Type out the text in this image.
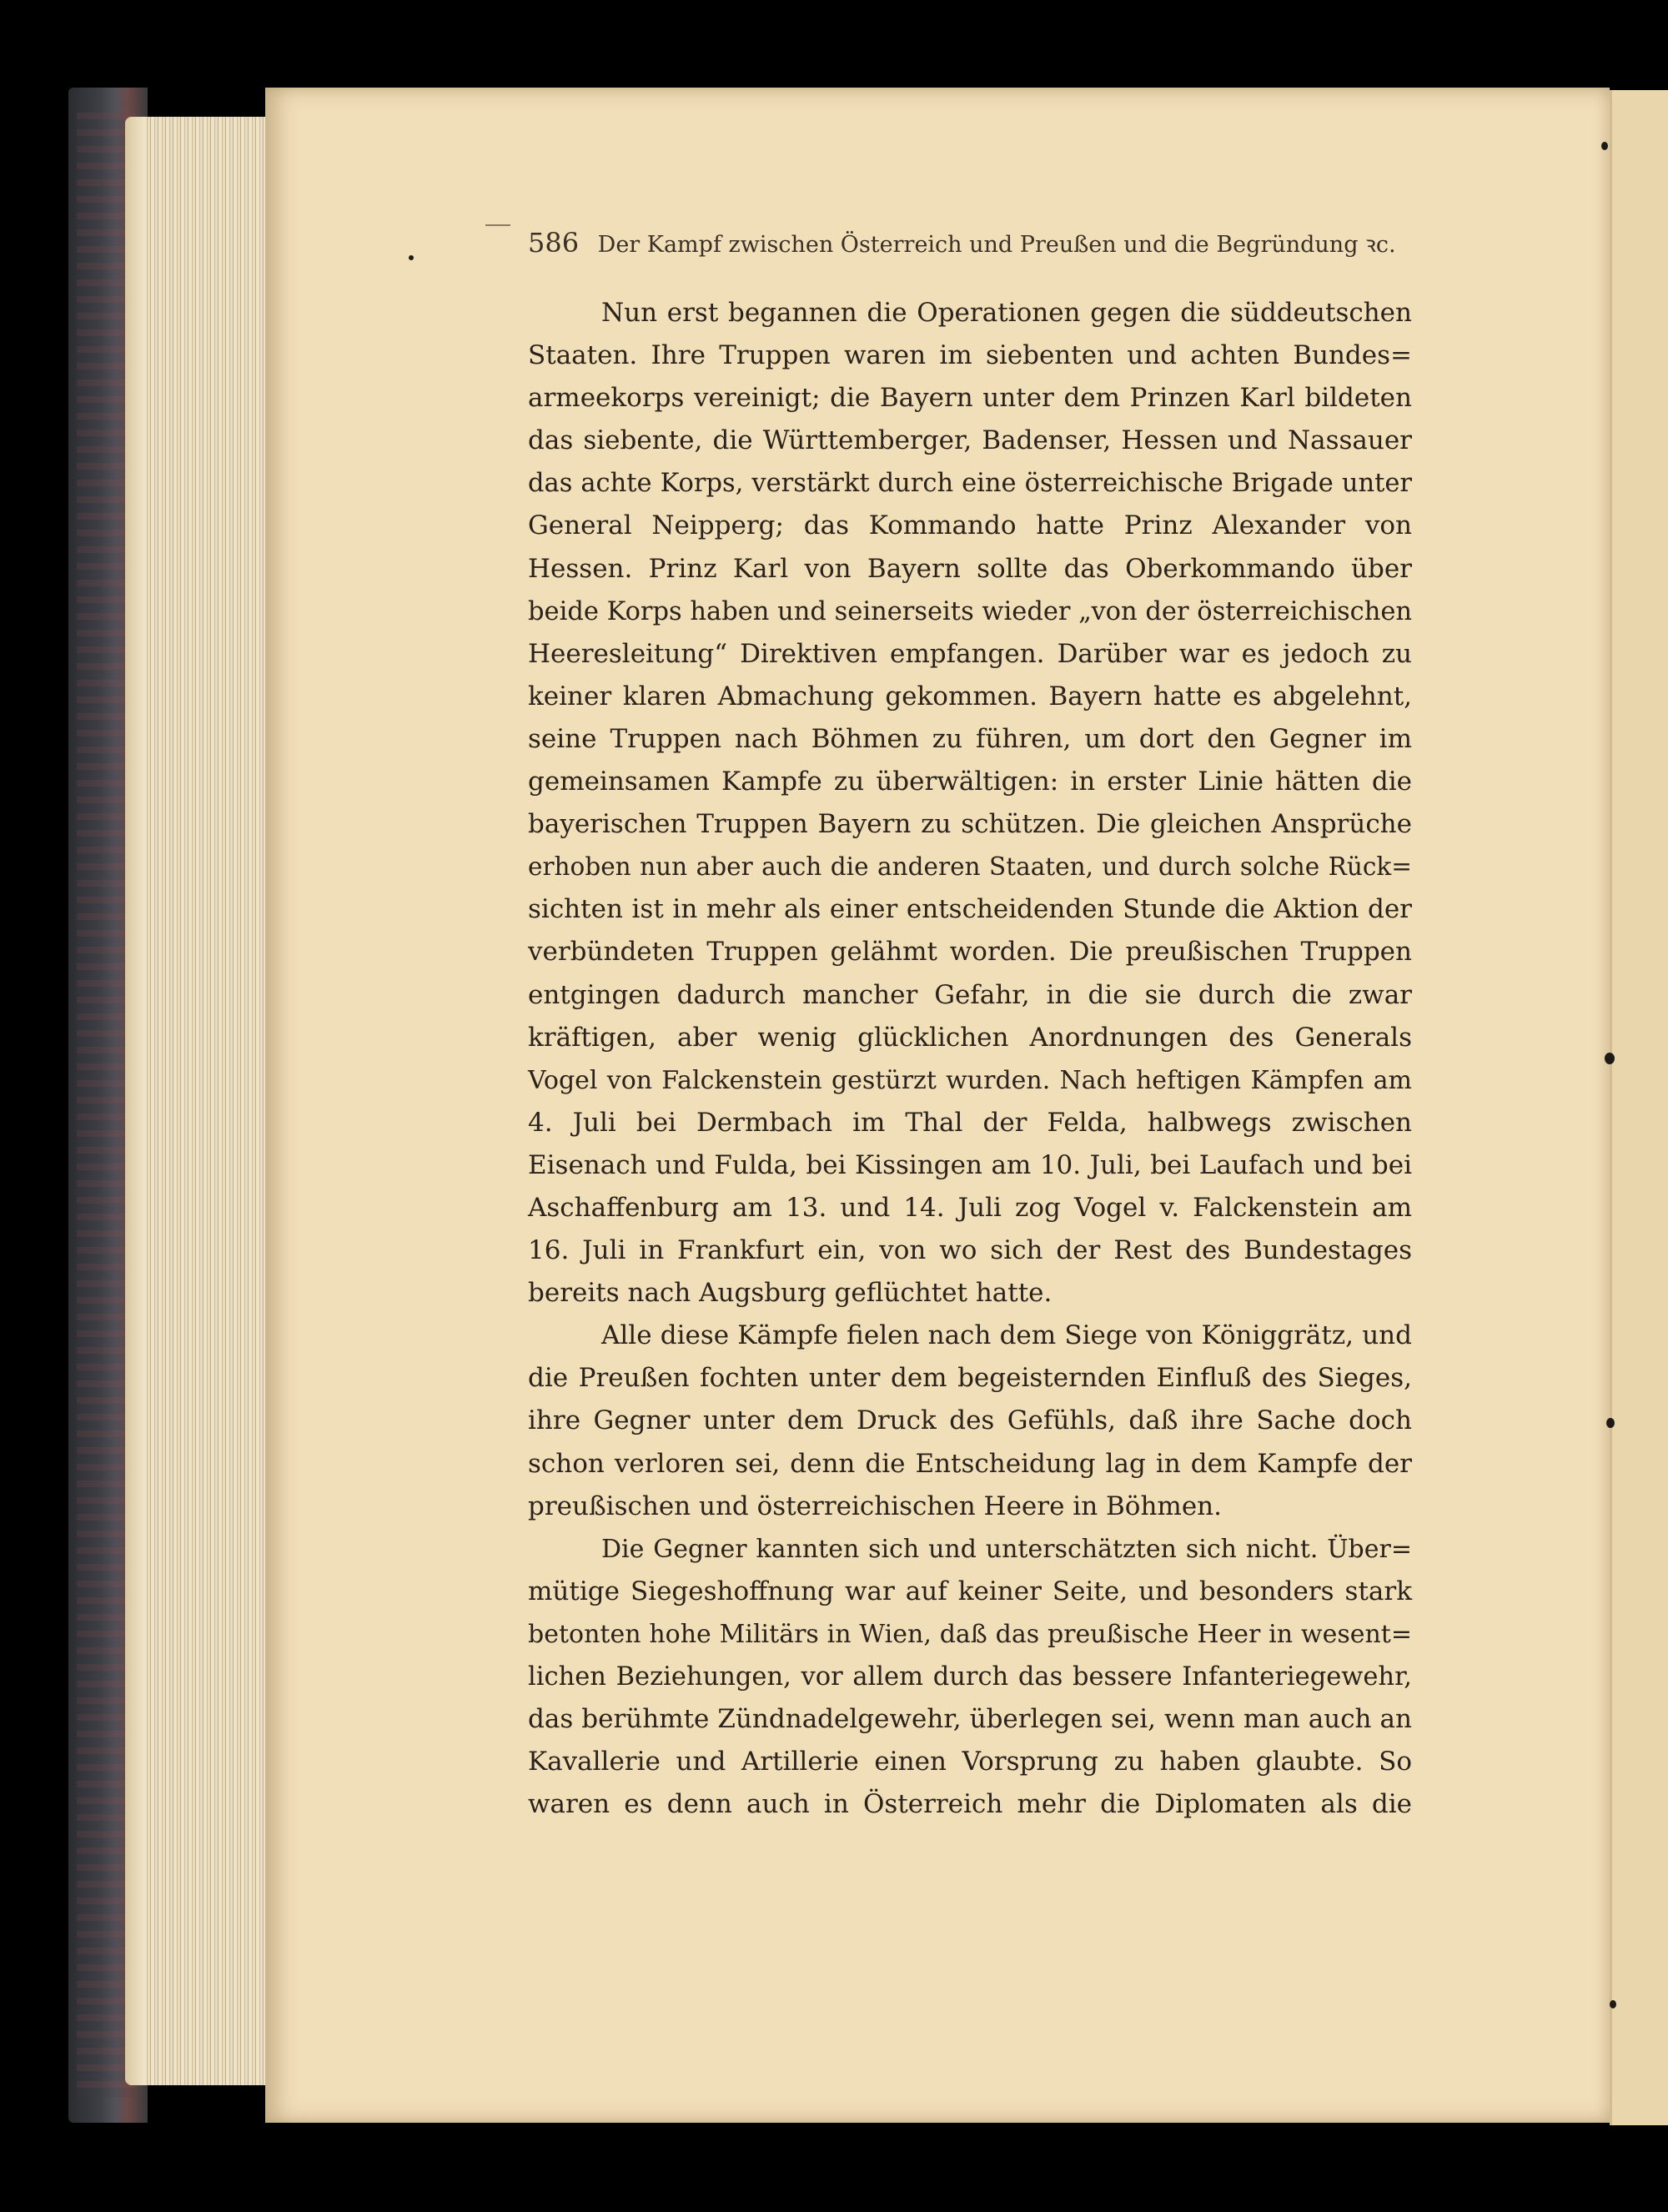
586 Der Kampf zwischen Österreich und Preußen und die Begründung ꝛc.
Nun erst begannen die Operationen gegen die süddeutschen
Staaten. Ihre Truppen waren im siebenten und achten Bundes=
armeekorps vereinigt; die Bayern unter dem Prinzen Karl bildeten
das siebente, die Württemberger, Badenser, Hessen und Nassauer
das achte Korps, verstärkt durch eine österreichische Brigade unter
General Neipperg; das Kommando hatte Prinz Alexander von
Hessen. Prinz Karl von Bayern sollte das Oberkommando über
beide Korps haben und seinerseits wieder „von der österreichischen
Heeresleitung“ Direktiven empfangen. Darüber war es jedoch zu
keiner klaren Abmachung gekommen. Bayern hatte es abgelehnt,
seine Truppen nach Böhmen zu führen, um dort den Gegner im
gemeinsamen Kampfe zu überwältigen: in erster Linie hätten die
bayerischen Truppen Bayern zu schützen. Die gleichen Ansprüche
erhoben nun aber auch die anderen Staaten, und durch solche Rück=
sichten ist in mehr als einer entscheidenden Stunde die Aktion der
verbündeten Truppen gelähmt worden. Die preußischen Truppen
entgingen dadurch mancher Gefahr, in die sie durch die zwar
kräftigen, aber wenig glücklichen Anordnungen des Generals
Vogel von Falckenstein gestürzt wurden. Nach heftigen Kämpfen am
4. Juli bei Dermbach im Thal der Felda, halbwegs zwischen
Eisenach und Fulda, bei Kissingen am 10. Juli, bei Laufach und bei
Aschaffenburg am 13. und 14. Juli zog Vogel v. Falckenstein am
16. Juli in Frankfurt ein, von wo sich der Rest des Bundestages
bereits nach Augsburg geflüchtet hatte.
Alle diese Kämpfe fielen nach dem Siege von Königgrätz, und
die Preußen fochten unter dem begeisternden Einfluß des Sieges,
ihre Gegner unter dem Druck des Gefühls, daß ihre Sache doch
schon verloren sei, denn die Entscheidung lag in dem Kampfe der
preußischen und österreichischen Heere in Böhmen.
Die Gegner kannten sich und unterschätzten sich nicht. Über=
mütige Siegeshoffnung war auf keiner Seite, und besonders stark
betonten hohe Militärs in Wien, daß das preußische Heer in wesent=
lichen Beziehungen, vor allem durch das bessere Infanteriegewehr,
das berühmte Zündnadelgewehr, überlegen sei, wenn man auch an
Kavallerie und Artillerie einen Vorsprung zu haben glaubte. So
waren es denn auch in Österreich mehr die Diplomaten als die
